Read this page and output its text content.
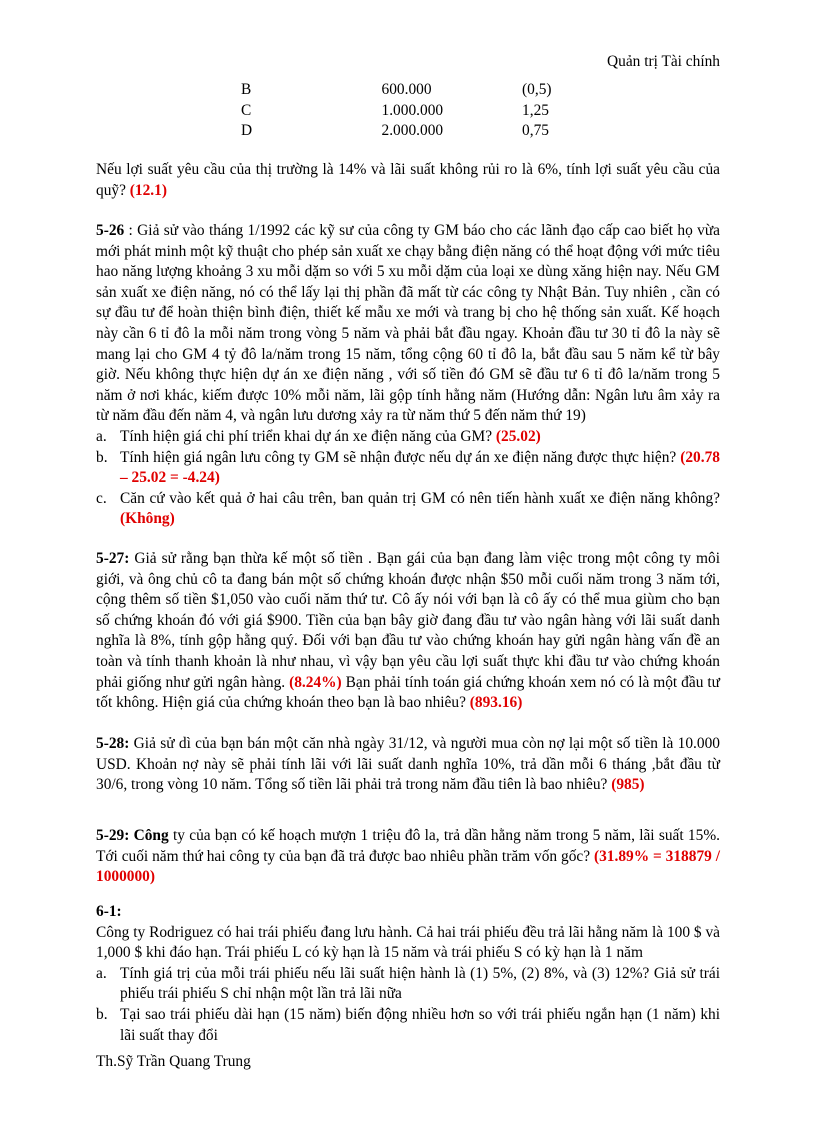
Quản trị Tài chính
B	600.000	(0,5)
C	1.000.000	1,25
D	2.000.000	0,75
Nếu lợi suất yêu cầu của thị trường là 14% và lãi suất không rủi ro là 6%, tính lợi suất yêu cầu của quỹ? (12.1)
5-26 : Giả sử vào tháng 1/1992 các kỹ sư của công ty GM báo cho các lãnh đạo cấp cao biết họ vừa mới phát minh một kỹ thuật cho phép sản xuất xe chạy bằng điện năng có thể hoạt động với mức tiêu hao năng lượng khoảng 3 xu mỗi dặm so với 5 xu mỗi dặm của loại xe dùng xăng hiện nay. Nếu GM sản xuất xe điện năng, nó có thể lấy lại thị phần đã mất từ các công ty Nhật Bản. Tuy nhiên , cần có sự đầu tư để hoàn thiện bình điện, thiết kế mẫu xe mới và trang bị cho hệ thống sản xuất. Kế hoạch này cần 6 tỉ đô la mỗi năm trong vòng 5 năm và phải bắt đầu ngay. Khoản đầu tư 30 tỉ đô la này sẽ mang lại cho GM 4 tỷ đô la/năm trong 15 năm, tổng cộng 60 tỉ đô la, bắt đầu sau 5 năm kể từ bây giờ. Nếu không thực hiện dự án xe điện năng , với số tiền đó GM sẽ đầu tư 6 tỉ đô la/năm trong 5 năm ở nơi khác, kiếm được 10% mỗi năm, lãi gộp tính hằng năm (Hướng dẫn: Ngân lưu âm xảy ra từ năm đầu đến năm 4, và ngân lưu dương xảy ra từ năm thứ 5 đến năm thứ 19)
a. Tính hiện giá chi phí triển khai dự án xe điện năng của GM? (25.02)
b. Tính hiện giá ngân lưu công ty GM sẽ nhận được nếu dự án xe điện năng được thực hiện? (20.78 – 25.02 = -4.24)
c. Căn cứ vào kết quả ở hai câu trên, ban quản trị GM có nên tiến hành xuất xe điện năng không? (Không)
5-27: Giả sử rằng bạn thừa kế một số tiền . Bạn gái của bạn đang làm việc trong một công ty môi giới, và ông chủ cô ta đang bán một số chứng khoán được nhận $50 mỗi cuối năm trong 3 năm tới, cộng thêm số tiền $1,050 vào cuối năm thứ tư. Cô ấy nói với bạn là cô ấy có thể mua giùm cho bạn số chứng khoán đó với giá $900. Tiền của bạn bây giờ đang đầu tư vào ngân hàng với lãi suất danh nghĩa là 8%, tính gộp hằng quý. Đối với bạn đầu tư vào chứng khoán hay gửi ngân hàng vấn đề an toàn và tính thanh khoản là như nhau, vì vậy bạn yêu cầu lợi suất thực khi đầu tư vào chứng khoán phải giống như gửi ngân hàng. (8.24%) Bạn phải tính toán giá chứng khoán xem nó có là một đầu tư tốt không. Hiện giá của chứng khoán theo bạn là bao nhiêu? (893.16)
5-28: Giả sử dì của bạn bán một căn nhà ngày 31/12, và người mua còn nợ lại một số tiền là 10.000 USD. Khoản nợ này sẽ phải tính lãi với lãi suất danh nghĩa 10%, trả dần mỗi 6 tháng ,bắt đầu từ 30/6, trong vòng 10 năm. Tổng số tiền lãi phải trả trong năm đầu tiên là bao nhiêu? (985)
5-29: Công ty của bạn có kế hoạch mượn 1 triệu đô la, trả dần hằng năm trong 5 năm, lãi suất 15%. Tới cuối năm thứ hai công ty của bạn đã trả được bao nhiêu phần trăm vốn gốc? (31.89% = 318879 / 1000000)
6-1:
Công ty Rodriguez có hai trái phiếu đang lưu hành. Cả hai trái phiếu đều trả lãi hằng năm là 100 $ và 1,000 $ khi đáo hạn. Trái phiếu L có kỳ hạn là 15 năm và trái phiếu S có kỳ hạn là 1 năm
a. Tính giá trị của mỗi trái phiếu nếu lãi suất hiện hành là (1) 5%, (2) 8%, và (3) 12%? Giả sử trái phiếu trái phiếu S chỉ nhận một lần trả lãi nữa
b. Tại sao trái phiếu dài hạn (15 năm) biến động nhiều hơn so với trái phiếu ngắn hạn (1 năm) khi lãi suất thay đổi
Th.Sỹ Trần Quang Trung
